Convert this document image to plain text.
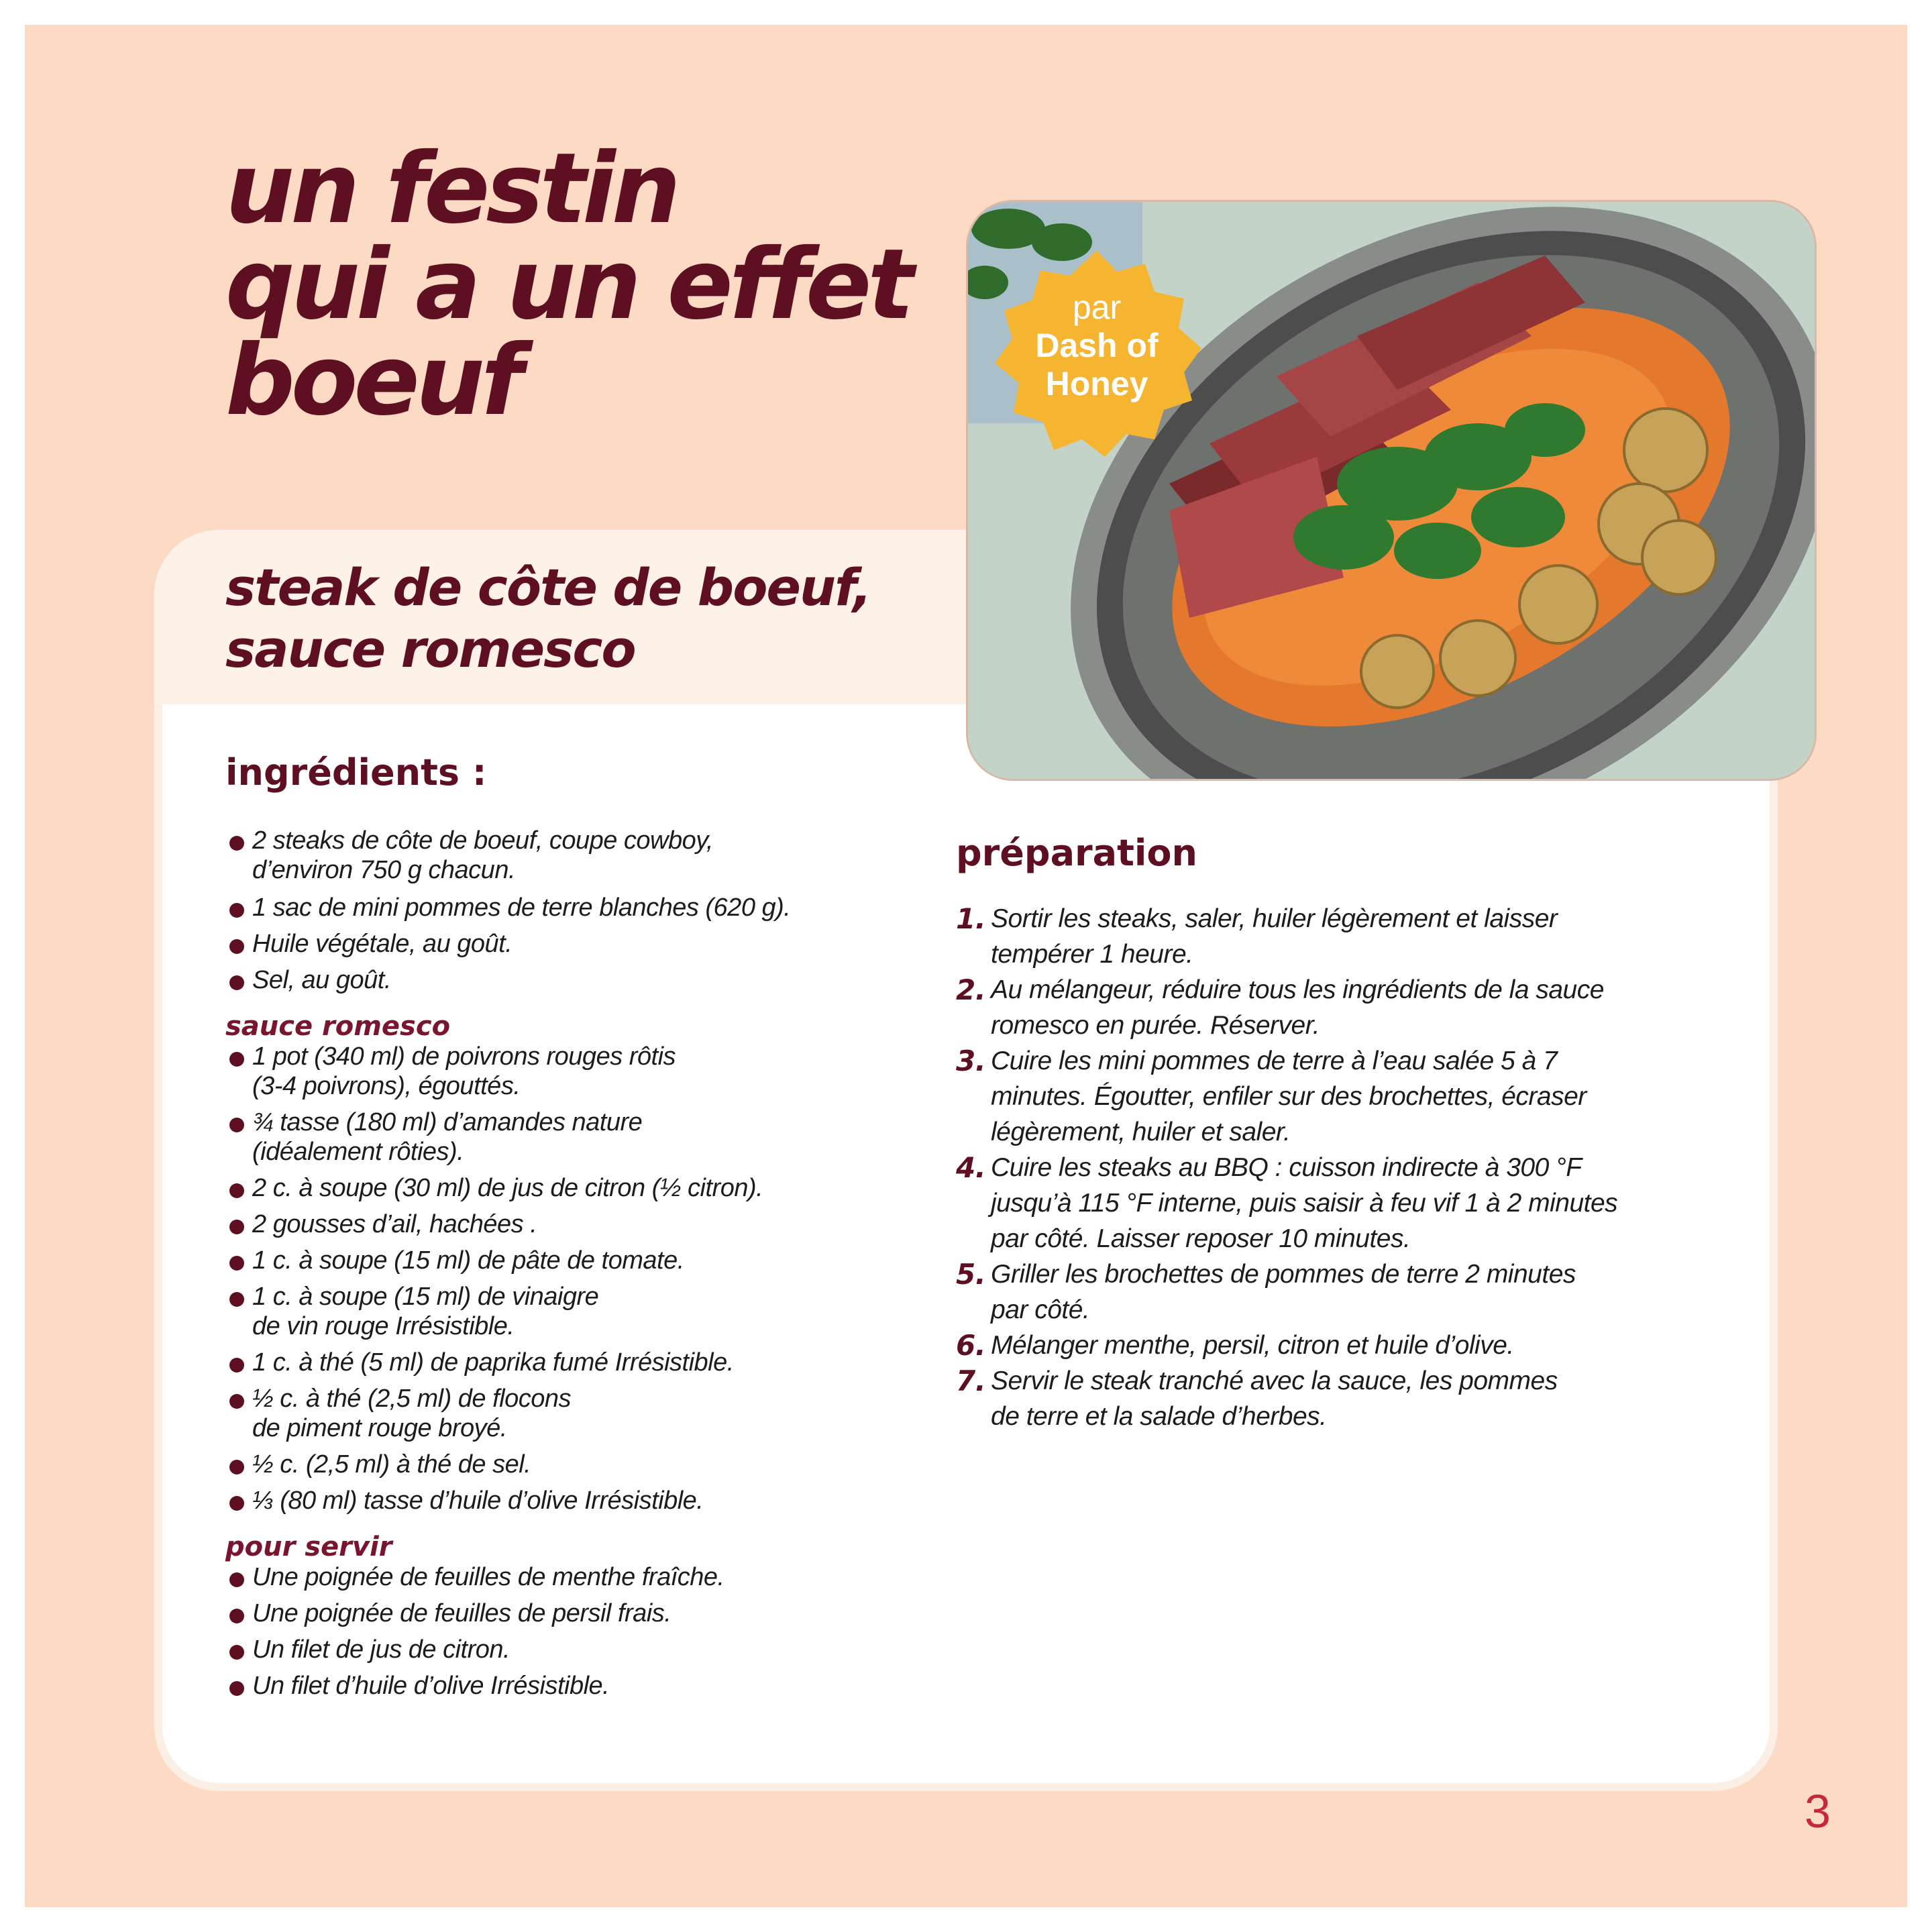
un festin
qui a un effet
boeuf
steak de côte de boeuf,
sauce romesco
par
Dash of
Honey
ingrédients :
2 steaks de côte de boeuf, coupe cowboy,
d’environ 750 g chacun.
1 sac de mini pommes de terre blanches (620 g).
Huile végétale, au goût.
Sel, au goût.
sauce romesco
1 pot (340 ml) de poivrons rouges rôtis
(3-4 poivrons), égouttés.
¾ tasse (180 ml) d’amandes nature
(idéalement rôties).
2 c. à soupe (30 ml) de jus de citron (½ citron).
2 gousses d’ail, hachées .
1 c. à soupe (15 ml) de pâte de tomate.
1 c. à soupe (15 ml) de vinaigre
de vin rouge Irrésistible.
1 c. à thé (5 ml) de paprika fumé Irrésistible.
½ c. à thé (2,5 ml) de flocons
de piment rouge broyé.
½ c. (2,5 ml) à thé de sel.
⅓ (80 ml) tasse d’huile d’olive Irrésistible.
pour servir
Une poignée de feuilles de menthe fraîche.
Une poignée de feuilles de persil frais.
Un filet de jus de citron.
Un filet d’huile d’olive Irrésistible.
préparation
1. Sortir les steaks, saler, huiler légèrement et laisser
tempérer 1 heure.
2. Au mélangeur, réduire tous les ingrédients de la sauce
romesco en purée. Réserver.
3. Cuire les mini pommes de terre à l’eau salée 5 à 7
minutes. Égoutter, enfiler sur des brochettes, écraser
légèrement, huiler et saler.
4. Cuire les steaks au BBQ : cuisson indirecte à 300 °F
jusqu’à 115 °F interne, puis saisir à feu vif 1 à 2 minutes
par côté. Laisser reposer 10 minutes.
5. Griller les brochettes de pommes de terre 2 minutes
par côté.
6. Mélanger menthe, persil, citron et huile d’olive.
7. Servir le steak tranché avec la sauce, les pommes
de terre et la salade d’herbes.
3
